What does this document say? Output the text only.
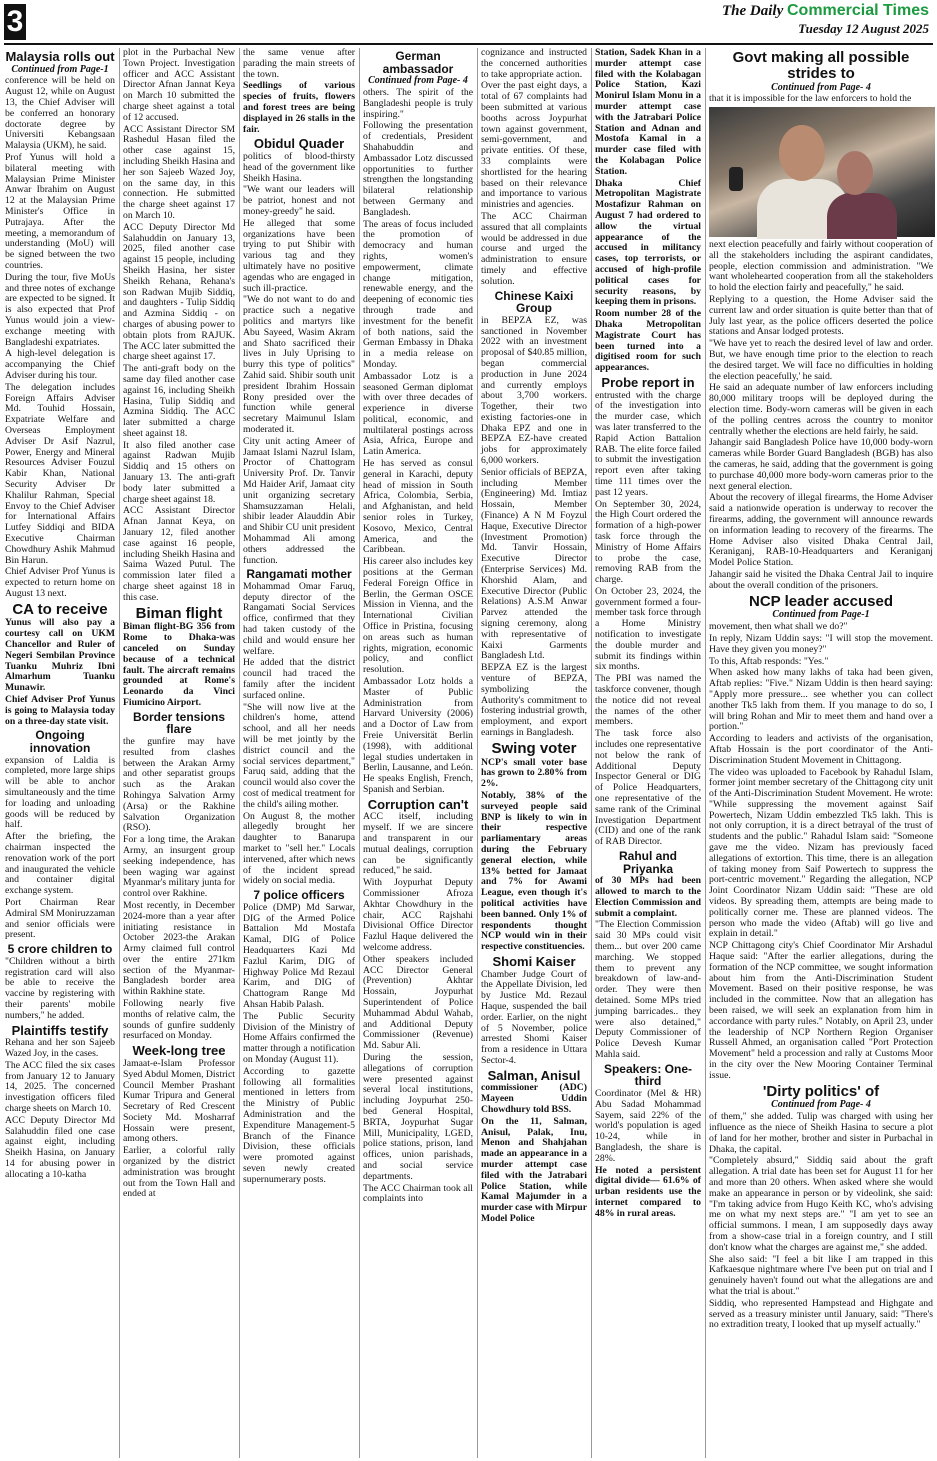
3	The Daily Commercial Times
Tuesday 12 August 2025
Malaysia rolls out
Continued from Page-1

conference will be held on August 12, while on August 13, the Chief Adviser will be conferred an honorary doctorate degree by Universiti Kebangsaan Malaysia (UKM), he said.

Prof Yunus will hold a bilateral meeting with Malaysian Prime Minister Anwar Ibrahim on August 12 at the Malaysian Prime Minister's Office in Putrajaya. After the meeting, a memorandum of understanding (MoU) will be signed between the two countries.

During the tour, five MoUs and three notes of exchange are expected to be signed. It is also expected that Prof Yunus would join a view-exchange meeting with Bangladeshi expatriates.

A high-level delegation is accompanying the Chief Adviser during his tour.

The delegation includes Foreign Affairs Adviser Md. Touhid Hossain, Expatriate Welfare and Overseas Employment Adviser Dr Asif Nazrul, Power, Energy and Mineral Resources Adviser Fouzul Kabir Khan, National Security Adviser Dr Khalilur Rahman, Special Envoy to the Chief Adviser for International Affairs Lutfey Siddiqi and BIDA Executive Chairman Chowdhury Ashik Mahmud Bin Harun.

Chief Adviser Prof Yunus is expected to return home on August 13 next.

CA to receive

Yunus will also pay a courtesy call on UKM Chancellor and Ruler of Negeri Sembilan Province Tuanku Muhriz Ibni Almarhum Tuanku Munawir.

Chief Adviser Prof Yunus is going to Malaysia today on a three-day state visit.

Ongoing innovation

expansion of Laldia is completed, more large ships will be able to anchor simultaneously and the time for loading and unloading goods will be reduced by half.

After the briefing, the chairman inspected the renovation work of the port and inaugurated the vehicle and container digital exchange system.

Port Chairman Rear Admiral SM Moniruzzaman and senior officials were present.

5 crore children to

"Children without a birth registration card will also be able to receive the vaccine by registering with their parents' mobile numbers," he added.

Plaintiffs testify

Rehana and her son Sajeeb Wazed Joy, in the cases.

The ACC filed the six cases from January 12 to January 14, 2025. The concerned investigation officers filed charge sheets on March 10.

ACC Deputy Director Md Salahuddin filed one case against eight, including Sheikh Hasina, on January 14 for abusing power in allocating a 10-katha

plot in the Purbachal New Town Project. Investigation officer and ACC Assistant Director Afnan Jannat Keya on March 10 submitted the charge sheet against a total of 12 accused.

ACC Assistant Director SM Rashedul Hasan filed the other case against 15, including Sheikh Hasina and her son Sajeeb Wazed Joy, on the same day, in this connection. He submitted the charge sheet against 17 on March 10.

ACC Deputy Director Md Salahuddin on January 13, 2025, filed another case against 15 people, including Sheikh Hasina, her sister Sheikh Rehana, Rehana's son Radwan Mujib Siddiq, and daughters - Tulip Siddiq and Azmina Siddiq - on charges of abusing power to obtain plots from RAJUK. The ACC later submitted the charge sheet against 17.

The anti-graft body on the same day filed another case against 16, including Sheikh Hasina, Tulip Siddiq and Azmina Siddiq. The ACC later submitted a charge sheet against 18.

It also filed another case against Radwan Mujib Siddiq and 15 others on January 13. The anti-graft body later submitted a charge sheet against 18.

ACC Assistant Director Afnan Jannat Keya, on January 12, filed another case against 16 people, including Sheikh Hasina and Saima Wazed Putul. The commission later filed a charge sheet against 18 in this case.

Biman flight

Biman flight-BG 356 from Rome to Dhaka-was canceled on Sunday because of a technical fault. The aircraft remains grounded at Rome's Leonardo da Vinci Fiumicino Airport.

Border tensions flare

the gunfire may have resulted from clashes between the Arakan Army and other separatist groups such as the Arakan Rohingya Salvation Army (Arsa) or the Rakhine Salvation Organization (RSO).

For a long time, the Arakan Army, an insurgent group seeking independence, has been waging war against Myanmar's military junta for control over Rakhine.

Most recently, in December 2024-more than a year after initiating resistance in October 2023-the Arakan Army claimed full control over the entire 271km section of the Myanmar-Bangladesh border area within Rakhine state.

Following nearly five months of relative calm, the sounds of gunfire suddenly resurfaced on Monday.

Week-long tree

Jamaat-e-Islam Professor Syed Abdul Momen, District Council Member Prashant Kumar Tripura and General Secretary of Red Crescent Society Md. Mosharraf Hossain were present, among others.

Earlier, a colorful rally organized by the district administration was brought out from the Town Hall and ended at

the same venue after parading the main streets of the town.

Seedlings of various species of fruits, flowers and forest trees are being displayed in 26 stalls in the fair.

Obidul Quader

politics of blood-thirsty head of the government like Sheikh Hasina.

"We want our leaders will be patriot, honest and not money-greedy" he said.

He alleged that some organizations have been trying to put Shibir with various tag and they ultimately have no positive agendas who are engaged in such ill-practice.

"We do not want to do and practice such a negative politics and martyrs like Abu Sayeed, Wasim Akram and Shato sacrificed their lives in July Uprising to burry this type of politics" Zahid said. Shibir south unit president Ibrahim Hossain Rony presided over the function while general secretary Maimunul Islam moderated it.

City unit acting Ameer of Jamaat Islami Nazrul Islam, Proctor of Chattogram University Prof. Dr. Tanvir Md Haider Arif, Jamaat city unit organizing secretary Shamsuzzaman Helali, shibir leader Alauddin Abir and Shibir CU unit president Mohammad Ali among others addressed the function.

Rangamati mother

Mohammad Omar Faruq, deputy director of the Rangamati Social Services office, confirmed that they had taken custody of the child and would ensure her welfare.

He added that the district council had traced the family after the incident surfaced online.

"She will now live at the children's home, attend school, and all her needs will be met jointly by the district council and the social services department," Faruq said, adding that the council would also cover the cost of medical treatment for the child's ailing mother.

On August 8, the mother allegedly brought her daughter to Banarupa market to "sell her." Locals intervened, after which news of the incident spread widely on social media.

7 police officers

Police (DMP) Md Sarwar, DIG of the Armed Police Battalion Md Mostafa Kamal, DIG of Police Headquarters Kazi Md Fazlul Karim, DIG of Highway Police Md Rezaul Karim, and DIG of Chattogram Range Md Ahsan Habib Palash.

The Public Security Division of the Ministry of Home Affairs confirmed the matter through a notification on Monday (August 11).

According to gazette following all formalities mentioned in letters from the Ministry of Public Administration and the Expenditure Management-5 Branch of the Finance Division, these officials were promoted against seven newly created supernumerary posts.

German ambassador
Continued from Page- 4

others. The spirit of the Bangladeshi people is truly inspiring."

Following the presentation of credentials, President Shahabuddin and Ambassador Lotz discussed opportunities to further strengthen the longstanding bilateral relationship between Germany and Bangladesh.

The areas of focus included the promotion of democracy and human rights, women's empowerment, climate change mitigation, renewable energy, and the deepening of economic ties through trade and investment for the benefit of both nations, said the German Embassy in Dhaka in a media release on Monday.

Ambassador Lotz is a seasoned German diplomat with over three decades of experience in diverse political, economic, and multilateral postings across Asia, Africa, Europe and Latin America.

He has served as consul general in Karachi, deputy head of mission in South Africa, Colombia, Serbia, and Afghanistan, and held senior roles in Turkey, Kosovo, Mexico, Central America, and the Caribbean.

His career also includes key positions at the German Federal Foreign Office in Berlin, the German OSCE Mission in Vienna, and the International Civilian Office in Pristina, focusing on areas such as human rights, migration, economic policy, and conflict resolution.

Ambassador Lotz holds a Master of Public Administration from Harvard University (2006) and a Doctor of Law from Freie Universität Berlin (1998), with additional legal studies undertaken in Berlin, Lausanne, and León. He speaks English, French, Spanish and Serbian.

Corruption can't

ACC itself, including myself. If we are sincere and transparent in our mutual dealings, corruption can be significantly reduced," he said.

With Joypurhat Deputy Commissioner Afroza Akhtar Chowdhury in the chair, ACC Rajshahi Divisional Office Director Fazlul Haque delivered the welcome address.

Other speakers included ACC Director General (Prevention) Akhtar Hossain, Joypurhat Superintendent of Police Muhammad Abdul Wahab, and Additional Deputy Commissioner (Revenue) Md. Sabur Ali.

During the session, allegations of corruption were presented against several local institutions, including Joypurhat 250-bed General Hospital, BRTA, Joypurhat Sugar Mill, Municipality, LGED, police stations, prison, land offices, union parishads, and social service departments.

The ACC Chairman took all complaints into

cognizance and instructed the concerned authorities to take appropriate action.

Over the past eight days, a total of 67 complaints had been submitted at various booths across Joypurhat town against government, semi-government, and private entities. Of these, 33 complaints were shortlisted for the hearing based on their relevance and importance to various ministries and agencies.

The ACC Chairman assured that all complaints would be addressed in due course and urged the administration to ensure timely and effective solution.

Chinese Kaixi Group

in BEPZA EZ, was sanctioned in November 2022 with an investment proposal of $40.85 million, began commercial production in June 2024 and currently employs about 3,700 workers. Together, their two existing factories-one in Dhaka EPZ and one in BEPZA EZ-have created jobs for approximately 6,000 workers.

Senior officials of BEPZA, including Member (Engineering) Md. Imtiaz Hossain, Member (Finance) A N M Foyzul Haque, Executive Director (Investment Promotion) Md. Tanvir Hossain, Executive Director (Enterprise Services) Md. Khorshid Alam, and Executive Director (Public Relations) A.S.M Anwar Parvez attended the signing ceremony, along with representative of Kaixi Garments Bangladesh Ltd.

BEPZA EZ is the largest venture of BEPZA, symbolizing the Authority's commitment to fostering industrial growth, employment, and export earnings in Bangladesh.

Swing voter

NCP's small voter base has grown to 2.80% from 2%.

Notably, 38% of the surveyed people said BNP is likely to win in their respective parliamentary areas during the February general election, while 13% betted for Jamaat and 7% for Awami League, even though it's political activities have been banned. Only 1% of respondents thought NCP would win in their respective constituencies.

Shomi Kaiser

Chamber Judge Court of the Appellate Division, led by Justice Md. Rezaul Haque, suspended the bail order. Earlier, on the night of 5 November, police arrested Shomi Kaiser from a residence in Uttara Sector-4.

Salman, Anisul

commissioner (ADC) Mayeen Uddin Chowdhury told BSS.

On the 11, Salman, Anisul, Palak, Inu, Menon and Shahjahan made an appearance in a murder attempt case filed with the Jatrabari Police Station, while Kamal Majumder in a murder case with Mirpur Model Police

Station, Sadek Khan in a murder attempt case filed with the Kolabagan Police Station, Kazi Monirul Islam Monu in a murder attempt case with the Jatrabari Police Station and Adnan and Mostofa Kamal in a murder case filed with the Kolabagan Police Station.

Dhaka Chief Metropolitan Magistrate Mostafizur Rahman on August 7 had ordered to allow the virtual appearance of the accused in militancy cases, top terrorists, or accused of high-profile political cases for security reasons, by keeping them in prisons.

Room number 28 of the Dhaka Metropolitan Magistrate Court has been turned into a digitised room for such appearances.

Probe report in

entrusted with the charge of the investigation into the murder case, which was later transferred to the Rapid Action Battalion RAB. The elite force failed to submit the investigation report even after taking time 111 times over the past 12 years.

On September 30, 2024, the High Court ordered the formation of a high-power task force through the Ministry of Home Affairs to probe the case, removing RAB from the charge.

On October 23, 2024, the government formed a four-member task force through a Home Ministry notification to investigate the double murder and submit its findings within six months.

The PBI was named the taskforce convener, though the notice did not reveal the names of the other members.

The task force also includes one representative not below the rank of Additional Deputy Inspector General or DIG of Police Headquarters, one representative of the same rank of the Criminal Investigation Department (CID) and one of the rank of RAB Director.

Rahul and Priyanka

of 30 MPs had been allowed to march to the Election Commission and submit a complaint.

"The Election Commission said 30 MPs could visit them... but over 200 came marching. We stopped them to prevent any breakdown of law-and-order. They were then detained. Some MPs tried jumping barricades.. they were also detained," Deputy Commissioner of Police Devesh Kumar Mahla said.

Speakers: One-third

Coordinator (Mel & HR) Abu Sadad Mohammad Sayem, said 22% of the world's population is aged 10-24, while in Bangladesh, the share is 28%.

He noted a persistent digital divide— 61.6% of urban residents use the internet compared to 48% in rural areas.

Govt making all possible strides to
Continued from Page- 4

that it is impossible for the law enforcers to hold the

next election peacefully and fairly without cooperation of all the stakeholders including the aspirant candidates, people, election commission and administration. "We want wholehearted cooperation from all the stakeholders to hold the election fairly and peacefully," he said.

Replying to a question, the Home Adviser said the current law and order situation is quite better than that of July last year, as the police officers deserted the police stations and Ansar lodged protests.

"We have yet to reach the desired level of law and order. But, we have enough time prior to the election to reach the desired target. We will face no difficulties in holding the election peacefully,' he said.

He said an adequate number of law enforcers including 80,000 military troops will be deployed during the election time. Body-worn cameras will be given in each of the polling centres across the country to monitor centrally whether the elections are held fairly, he said.

Jahangir said Bangladesh Police have 10,000 body-worn cameras while Border Guard Bangladesh (BGB) has also the cameras, he said, adding that the government is going to purchase 40,000 more body-worn cameras prior to the next general election.

About the recovery of illegal firearms, the Home Adviser said a nationwide operation is underway to recover the firearms, adding, the government will announce rewards on information leading to recovery of the firearms. The Home Adviser also visited Dhaka Central Jail, Keraniganj, RAB-10-Headquarters and Keraniganj Model Police Station.

Jahangir said he visited the Dhaka Central Jail to inquire about the overall condition of the prisoners.

NCP leader accused
Continued from Page-1

movement, then what shall we do?"

In reply, Nizam Uddin says: "I will stop the movement. Have they given you money?"

To this, Aftab responds: "Yes."

When asked how many lakhs of taka had been given, Aftab replies: "Five." Nizam Uddin is then heard saying: "Apply more pressure... see whether you can collect another Tk5 lakh from them. If you manage to do so, I will bring Rohan and Mir to meet them and hand over a portion."

According to leaders and activists of the organisation, Aftab Hossain is the port coordinator of the Anti-Discrimination Student Movement in Chittagong.

The video was uploaded to Facebook by Rahadul Islam, former joint member secretary of the Chittagong city unit of the Anti-Discrimination Student Movement. He wrote: "While suppressing the movement against Saif Powertech, Nizam Uddin embezzled Tk5 lakh. This is not only corruption, it is a direct betrayal of the trust of students and the public." Rahadul Islam said: "Someone gave me the video. Nizam has previously faced allegations of extortion. This time, there is an allegation of taking money from Saif Powertech to suppress the port-centric movement." Regarding the allegation, NCP Joint Coordinator Nizam Uddin said: "These are old videos. By spreading them, attempts are being made to politically corner me. These are planned videos. The person who made the video (Aftab) will go live and explain in detail."

NCP Chittagong city's Chief Coordinator Mir Arshadul Haque said: "After the earlier allegations, during the formation of the NCP committee, we sought information about him from the Anti-Discrimination Student Movement. Based on their positive response, he was included in the committee. Now that an allegation has been raised, we will seek an explanation from him in accordance with party rules." Notably, on April 23, under the leadership of NCP Northern Region Organiser Russell Ahmed, an organisation called "Port Protection Movement" held a procession and rally at Customs Moor in the city over the New Mooring Container Terminal issue.

'Dirty politics' of
Continued from Page- 4

of them," she added. Tulip was charged with using her influence as the niece of Sheikh Hasina to secure a plot of land for her mother, brother and sister in Purbachal in Dhaka, the capital.

"Completely absurd," Siddiq said about the graft allegation. A trial date has been set for August 11 for her and more than 20 others. When asked where she would make an appearance in person or by videolink, she said: "I'm taking advice from Hugo Keith KC, who's advising me on what my next steps are." "I am yet to see an official summons. I mean, I am supposedly days away from a show-case trial in a foreign country, and I still don't know what the charges are against me," she added.

She also said: "I feel a bit like I am trapped in this Kafkaesque nightmare where I've been put on trial and I genuinely haven't found out what the allegations are and what the trial is about."

Siddiq, who represented Hampstead and Highgate and served as a treasury minister until January, said: "There's no extradition treaty, I looked that up myself actually."
